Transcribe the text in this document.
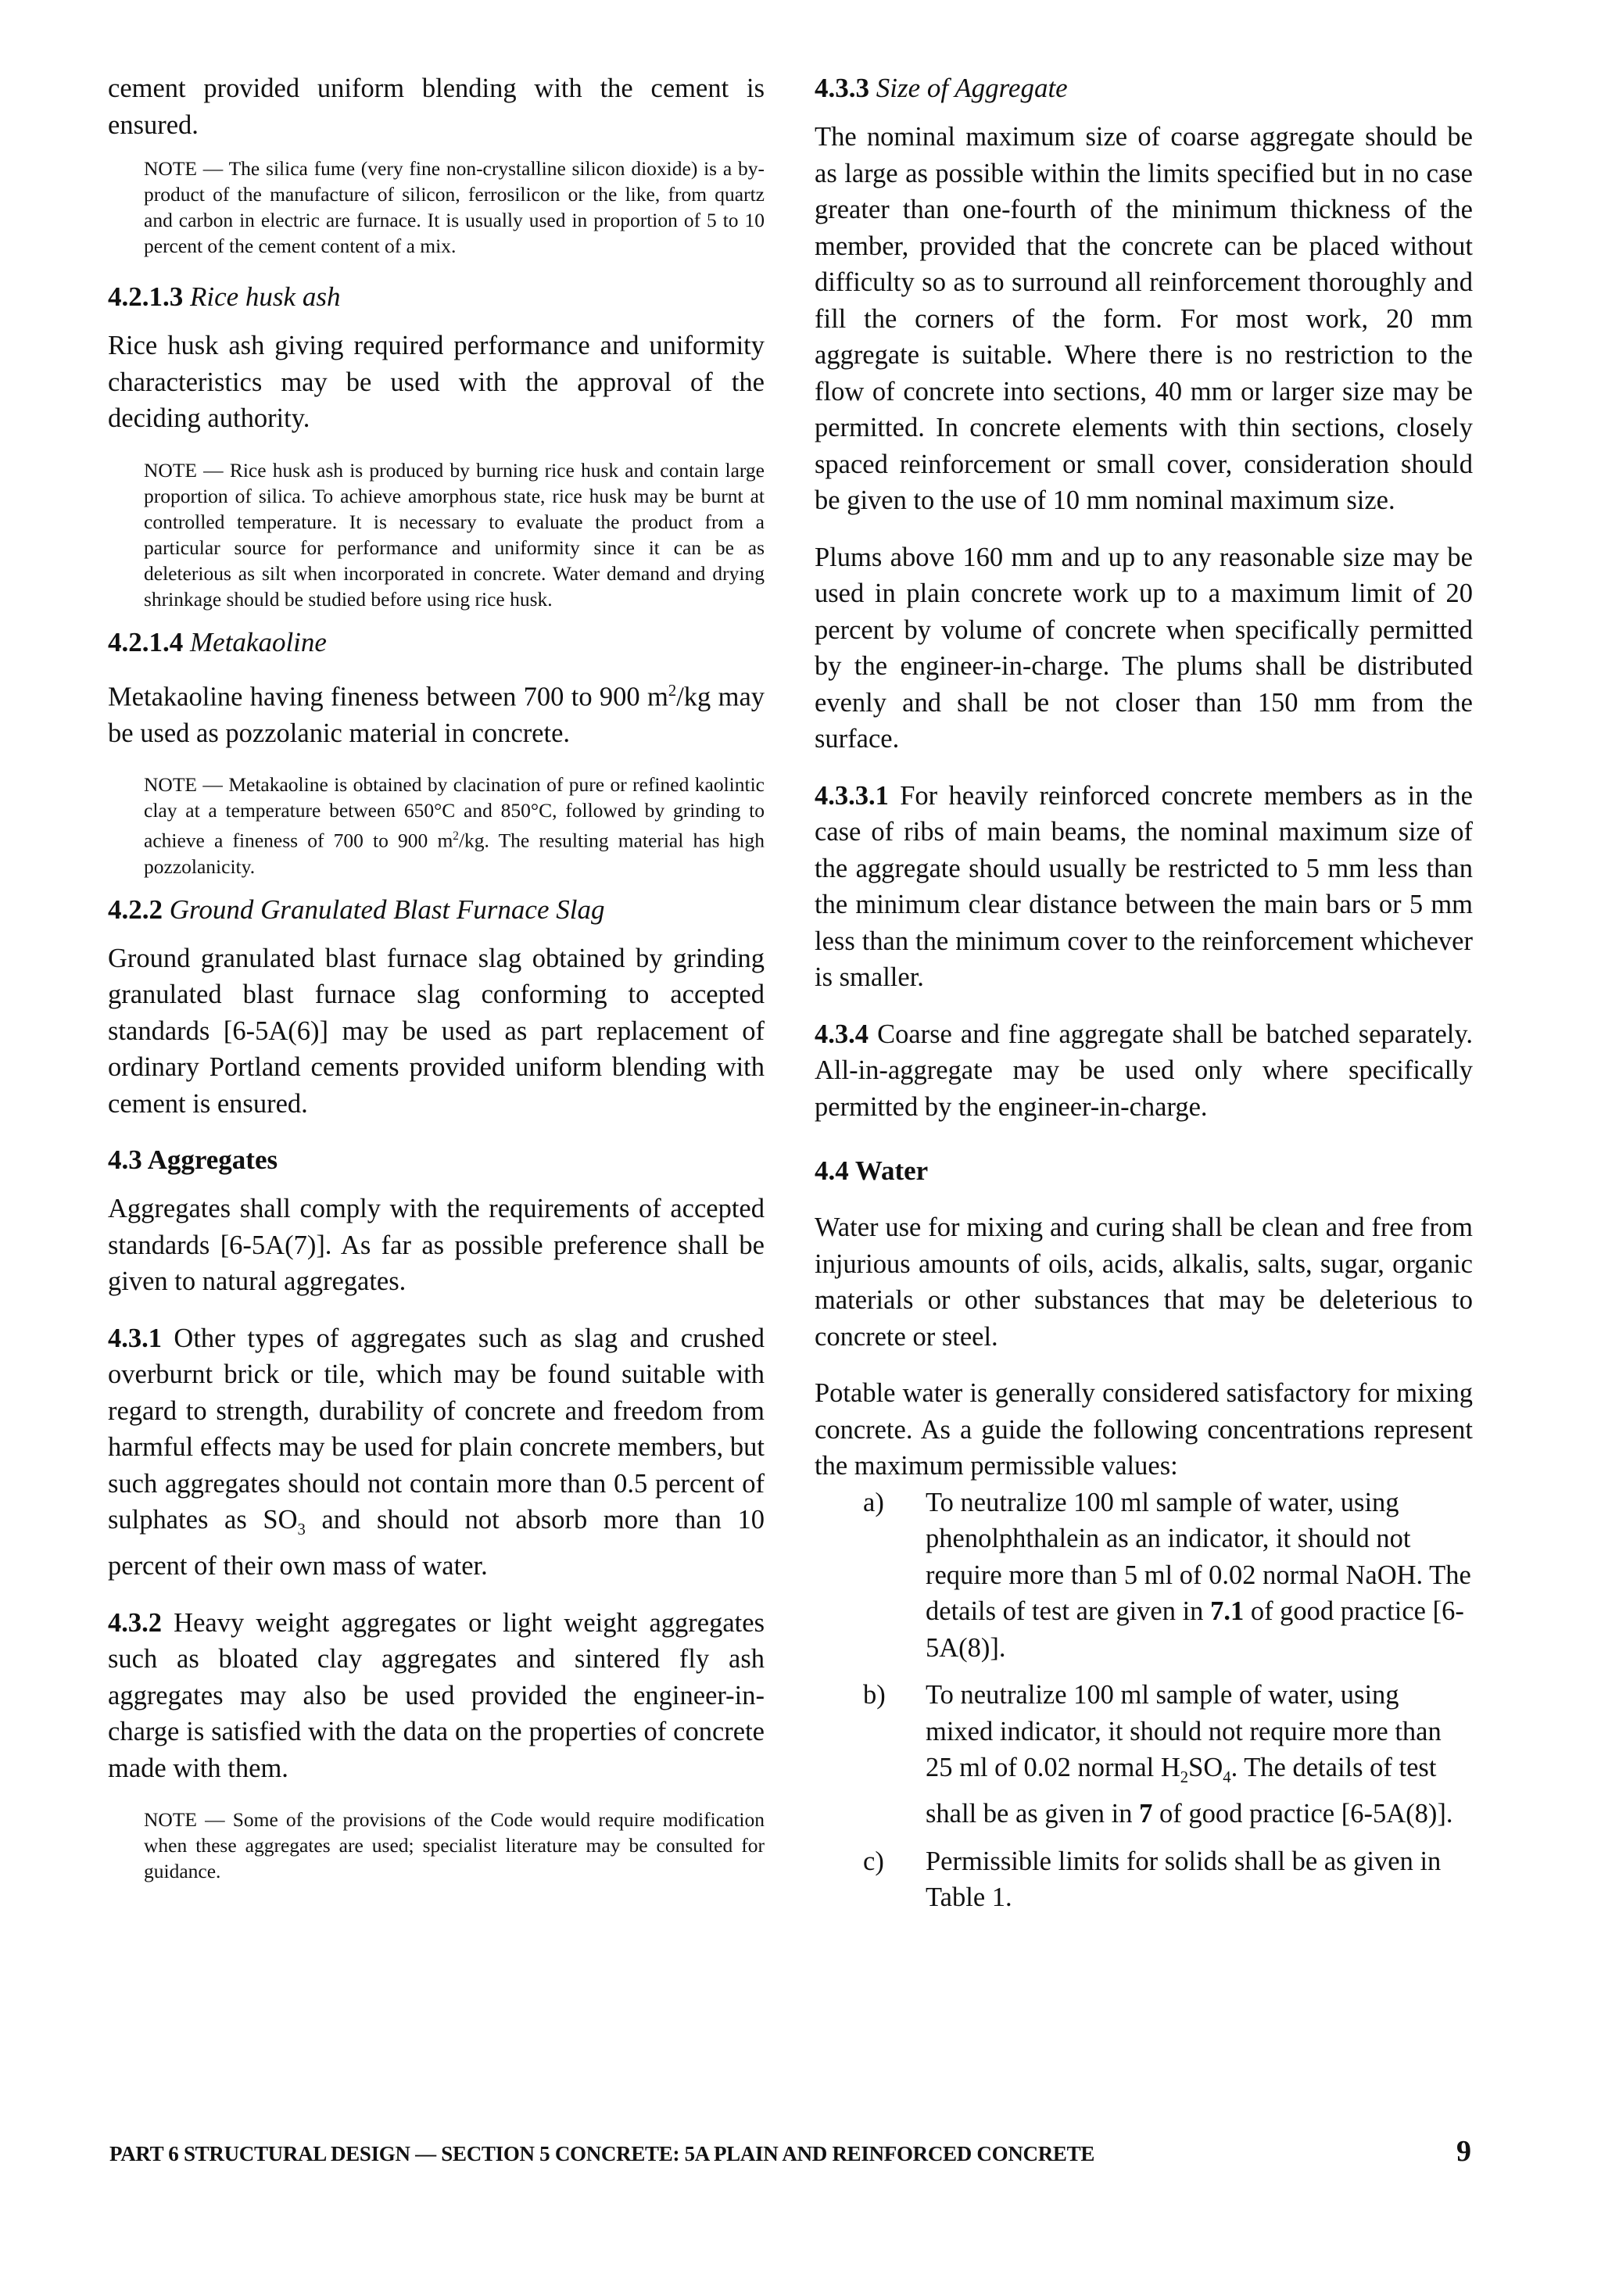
cement provided uniform blending with the cement is ensured.

NOTE — The silica fume (very fine non-crystalline silicon dioxide) is a by-product of the manufacture of silicon, ferrosilicon or the like, from quartz and carbon in electric are furnace. It is usually used in proportion of 5 to 10 percent of the cement content of a mix.

4.2.1.3 Rice husk ash

Rice husk ash giving required performance and uniformity characteristics may be used with the approval of the deciding authority.

NOTE — Rice husk ash is produced by burning rice husk and contain large proportion of silica. To achieve amorphous state, rice husk may be burnt at controlled temperature. It is necessary to evaluate the product from a particular source for performance and uniformity since it can be as deleterious as silt when incorporated in concrete. Water demand and drying shrinkage should be studied before using rice husk.

4.2.1.4 Metakaoline

Metakaoline having fineness between 700 to 900 $m^2/kg$ may be used as pozzolanic material in concrete.

NOTE — Metakaoline is obtained by clacination of pure or refined kaolintic clay at a temperature between 650°C and 850°C, followed by grinding to achieve a fineness of 700 to 900 $m^2/kg$. The resulting material has high pozzolanicity.

4.2.2 Ground Granulated Blast Furnace Slag

Ground granulated blast furnace slag obtained by grinding granulated blast furnace slag conforming to accepted standards [6-5A(6)] may be used as part replacement of ordinary Portland cements provided uniform blending with cement is ensured.

4.3 Aggregates

Aggregates shall comply with the requirements of accepted standards [6-5A(7)]. As far as possible preference shall be given to natural aggregates.

4.3.1 Other types of aggregates such as slag and crushed overburnt brick or tile, which may be found suitable with regard to strength, durability of concrete and freedom from harmful effects may be used for plain concrete members, but such aggregates should not contain more than 0.5 percent of sulphates as $SO_3$ and should not absorb more than 10 percent of their own mass of water.

4.3.2 Heavy weight aggregates or light weight aggregates such as bloated clay aggregates and sintered fly ash aggregates may also be used provided the engineer-in-charge is satisfied with the data on the properties of concrete made with them.

NOTE — Some of the provisions of the Code would require modification when these aggregates are used; specialist literature may be consulted for guidance.

4.3.3 Size of Aggregate

The nominal maximum size of coarse aggregate should be as large as possible within the limits specified but in no case greater than one-fourth of the minimum thickness of the member, provided that the concrete can be placed without difficulty so as to surround all reinforcement thoroughly and fill the corners of the form. For most work, 20 mm aggregate is suitable. Where there is no restriction to the flow of concrete into sections, 40 mm or larger size may be permitted. In concrete elements with thin sections, closely spaced reinforcement or small cover, consideration should be given to the use of 10 mm nominal maximum size.

Plums above 160 mm and up to any reasonable size may be used in plain concrete work up to a maximum limit of 20 percent by volume of concrete when specifically permitted by the engineer-in-charge. The plums shall be distributed evenly and shall be not closer than 150 mm from the surface.

4.3.3.1 For heavily reinforced concrete members as in the case of ribs of main beams, the nominal maximum size of the aggregate should usually be restricted to 5 mm less than the minimum clear distance between the main bars or 5 mm less than the minimum cover to the reinforcement whichever is smaller.

4.3.4 Coarse and fine aggregate shall be batched separately. All-in-aggregate may be used only where specifically permitted by the engineer-in-charge.

4.4 Water

Water use for mixing and curing shall be clean and free from injurious amounts of oils, acids, alkalis, salts, sugar, organic materials or other substances that may be deleterious to concrete or steel.

Potable water is generally considered satisfactory for mixing concrete. As a guide the following concentrations represent the maximum permissible values:

a) To neutralize 100 ml sample of water, using phenolphthalein as an indicator, it should not require more than 5 ml of 0.02 normal NaOH. The details of test are given in 7.1 of good practice [6-5A(8)].
b) To neutralize 100 ml sample of water, using mixed indicator, it should not require more than 25 ml of 0.02 normal $H_2SO_4$. The details of test shall be as given in 7 of good practice [6-5A(8)].
c) Permissible limits for solids shall be as given in Table 1.
PART 6 STRUCTURAL DESIGN — SECTION 5 CONCRETE: 5A PLAIN AND REINFORCED CONCRETE	9
